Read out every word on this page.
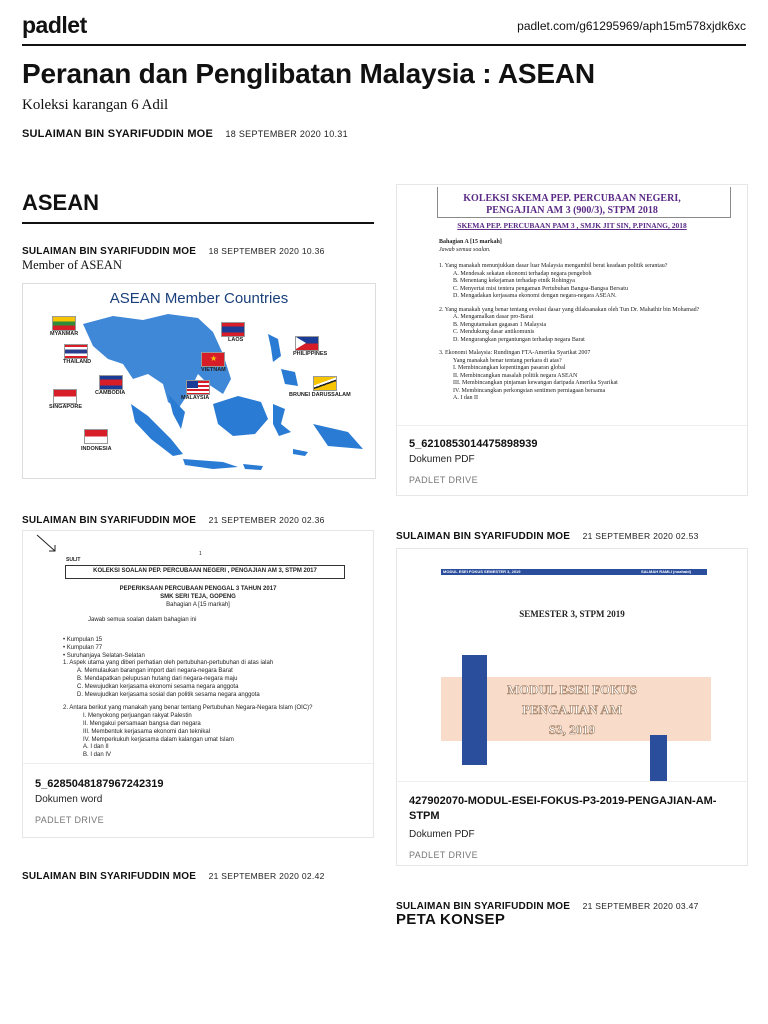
padlet	padlet.com/g61295969/aph15m578xjdk6xc
Peranan dan Penglibatan Malaysia : ASEAN
Koleksi karangan 6 Adil
SULAIMAN BIN SYARIFUDDIN MOE 18 SEPTEMBER 2020 10.31
ASEAN
SULAIMAN BIN SYARIFUDDIN MOE 18 SEPTEMBER 2020 10.36
Member of ASEAN
ASEAN Member Countries
MYANMAR
THAILAND
LAOS
★
VIETNAM
CAMBODIA
PHILIPPINES
MALAYSIA
SINGAPORE
BRUNEI DARUSSALAM
INDONESIA
SULAIMAN BIN SYARIFUDDIN MOE 21 SEPTEMBER 2020 02.36
SULIT
1
KOLEKSI SOALAN PEP. PERCUBAAN NEGERI , PENGAJIAN AM 3, STPM 2017
PEPERIKSAAN PERCUBAAN PENGGAL 3 TAHUN 2017
SMK SERI TEJA, GOPENG
Bahagian A [15 markah]
Jawab semua soalan dalam bahagian ini
• Kumpulan 15
• Kumpulan 77
• Suruhanjaya Selatan-Selatan
1. Aspek utama yang diberi perhatian oleh pertubuhan-pertubuhan di atas ialah
A. Memulaukan barangan import dari negara-negara Barat
B. Mendapatkan pelupusan hutang dari negara-negara maju
C. Mewujudkan kerjasama ekonomi sesama negara anggota
D. Mewujudkan kerjasama sosial dan politik sesama negara anggota
2. Antara berikut yang manakah yang benar tentang Pertubuhan Negara-Negara Islam (OIC)?
I. Menyokong perjuangan rakyat Palestin
II. Mengakui persamaan bangsa dan negara
III. Membentuk kerjasama ekonomi dan teknikal
IV. Memperkukuh kerjasama dalam kalangan umat Islam
A. I dan II
B. I dan IV
5_6285048187967242319
Dokumen word
PADLET DRIVE
SULAIMAN BIN SYARIFUDDIN MOE 21 SEPTEMBER 2020 02.42
KOLEKSI SKEMA PEP. PERCUBAAN NEGERI,
PENGAJIAN AM 3 (900/3), STPM 2018
SKEMA PEP. PERCUBAAN PAM 3 , SMJK JIT SIN, P.PINANG, 2018
Bahagian A [15 markah]
Jawab semua soalan.
1. Yang manakah menunjukkan dasar luar Malaysia mengambil berat keadaan politik serantau?
A. Mendesak sekatan ekonomi terhadap negara pengeboh
B. Menentang kekejaman terhadap etnik Rohingya
C. Menyertai misi tentera pengaman Pertubuhan Bangsa-Bangsa Bersatu
D. Mengadakan kerjasama ekonomi dengan negara-negara ASEAN.
2. Yang manakah yang benar tentang evolusi dasar yang dilaksanakan oleh Tun Dr. Mahathir bin Mohamad?
A. Mengamalkan dasar pro-Barat
B. Mengutamakan gagasan 1 Malaysia
C. Mendukung dasar antikomunis
D. Mengurangkan pergantungan terhadap negara Barat
3. Ekonomi Malaysia: Rundingan FTA-Amerika Syarikat 2007
Yang manakah benar tentang perkara di atas?
I. Membincangkan kepentingan pasaran global
II. Membincangkan masalah politik negara ASEAN
III. Membincangkan pinjaman kewangan daripada Amerika Syarikat
IV. Membincangkan perkongsian sentimen perniagaan bersama
A. I dan II
5_6210853014475898939
Dokumen PDF
PADLET DRIVE
SULAIMAN BIN SYARIFUDDIN MOE 21 SEPTEMBER 2020 02.53
MODUL ESEI FOKUS SEMESTER 3, 2019	SALMAH RAMLI (noahaid)
SEMESTER 3, STPM 2019
MODUL ESEI FOKUS
PENGAJIAN AM
S3, 2019
427902070-MODUL-ESEI-FOKUS-P3-2019-PENGAJIAN-AM-STPM
Dokumen PDF
PADLET DRIVE
SULAIMAN BIN SYARIFUDDIN MOE 21 SEPTEMBER 2020 03.47
PETA KONSEP
